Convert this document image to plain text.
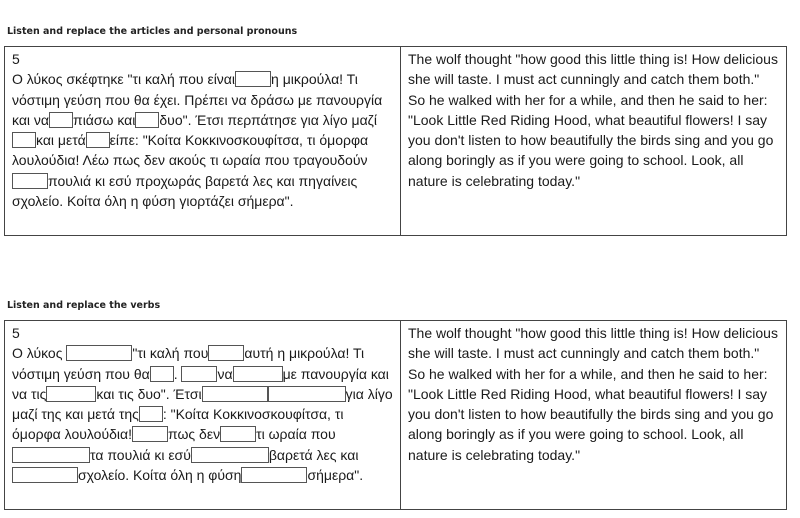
Listen and replace the articles and personal pronouns
5
Ο λύκος σκέφτηκε "τι καλή που είναι	η μικρούλα! Τι νόστιμη γεύση που θα έχει. Πρέπει να δράσω με πανουργία και να πιάσω και δυο". Έτσι περπάτησε για λίγο μαζίκαι μετά είπε: "Κοίτα Κοκκινοσκουφίτσα, τι όμορφα λουλούδια! Λέω πως δεν ακούς τι ωραία που τραγουδούνπουλιά κι εσύ προχωράς βαρετά λες και πηγαίνεις σχολείο. Κοίτα όλη η φύση γιορτάζει σήμερα".

The wolf thought "how good this little thing is! How delicious she will taste. I must act cunningly and catch them both." So he walked with her for a while, and then he said to her: "Look Little Red Riding Hood, what beautiful flowers! I say you don't listen to how beautifully the birds sing and you go along boringly as if you were going to school. Look, all nature is celebrating today."
Listen and replace the verbs
5
Ο λύκος	"τι καλή που	αυτή η μικρούλα! Τι νόστιμη γεύση που θα .	να	με πανουργία και να τις	και τις δυο". Έτσι	για λίγο μαζί της και μετά της : "Κοίτα Κοκκινοσκουφίτσα, τι όμορφα λουλούδια!	πως δεν	τι ωραία πουτα πουλιά κι εσύ	βαρετά λες καισχολείο. Κοίτα όλη η φύση	σήμερα".

The wolf thought "how good this little thing is! How delicious she will taste. I must act cunningly and catch them both." So he walked with her for a while, and then he said to her: "Look Little Red Riding Hood, what beautiful flowers! I say you don't listen to how beautifully the birds sing and you go along boringly as if you were going to school. Look, all nature is celebrating today."
